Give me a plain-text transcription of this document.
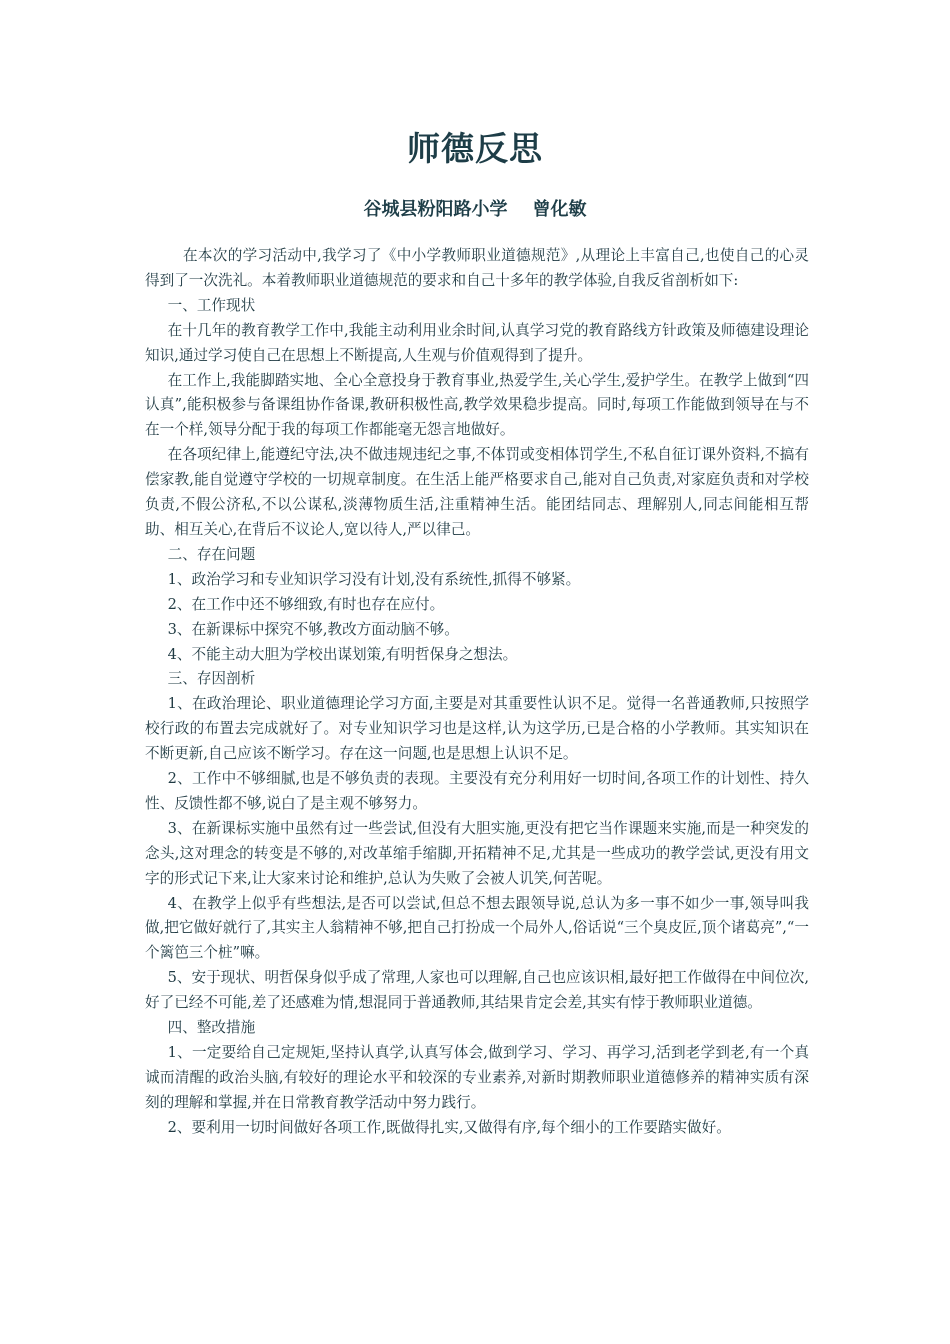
师德反思
谷城县粉阳路小学    曾化敏

在本次的学习活动中,我学习了《中小学教师职业道德规范》,从理论上丰富自己,也使自己的心灵得到了一次洗礼。本着教师职业道德规范的要求和自己十多年的教学体验,自我反省剖析如下:

一、工作现状

在十几年的教育教学工作中,我能主动利用业余时间,认真学习党的教育路线方针政策及师德建设理论知识,通过学习使自己在思想上不断提高,人生观与价值观得到了提升。

在工作上,我能脚踏实地、全心全意投身于教育事业,热爱学生,关心学生,爱护学生。在教学上做到“四认真”,能积极参与备课组协作备课,教研积极性高,教学效果稳步提高。同时,每项工作能做到领导在与不在一个样,领导分配于我的每项工作都能毫无怨言地做好。

在各项纪律上,能遵纪守法,决不做违规违纪之事,不体罚或变相体罚学生,不私自征订课外资料,不搞有偿家教,能自觉遵守学校的一切规章制度。在生活上能严格要求自己,能对自己负责,对家庭负责和对学校负责,不假公济私,不以公谋私,淡薄物质生活,注重精神生活。能团结同志、理解别人,同志间能相互帮助、相互关心,在背后不议论人,宽以待人,严以律己。

二、存在问题

1、政治学习和专业知识学习没有计划,没有系统性,抓得不够紧。

2、在工作中还不够细致,有时也存在应付。

3、在新课标中探究不够,教改方面动脑不够。

4、不能主动大胆为学校出谋划策,有明哲保身之想法。

三、存因剖析

1、在政治理论、职业道德理论学习方面,主要是对其重要性认识不足。觉得一名普通教师,只按照学校行政的布置去完成就好了。对专业知识学习也是这样,认为这学历,已是合格的小学教师。其实知识在不断更新,自己应该不断学习。存在这一问题,也是思想上认识不足。

2、工作中不够细腻,也是不够负责的表现。主要没有充分利用好一切时间,各项工作的计划性、持久性、反馈性都不够,说白了是主观不够努力。

3、在新课标实施中虽然有过一些尝试,但没有大胆实施,更没有把它当作课题来实施,而是一种突发的念头,这对理念的转变是不够的,对改革缩手缩脚,开拓精神不足,尤其是一些成功的教学尝试,更没有用文字的形式记下来,让大家来讨论和维护,总认为失败了会被人讥笑,何苦呢。

4、在教学上似乎有些想法,是否可以尝试,但总不想去跟领导说,总认为多一事不如少一事,领导叫我做,把它做好就行了,其实主人翁精神不够,把自己打扮成一个局外人,俗话说“三个臭皮匠,顶个诸葛亮”,“一个篱笆三个桩”嘛。

5、安于现状、明哲保身似乎成了常理,人家也可以理解,自己也应该识相,最好把工作做得在中间位次,好了已经不可能,差了还感难为情,想混同于普通教师,其结果肯定会差,其实有悖于教师职业道德。

四、整改措施

1、一定要给自己定规矩,坚持认真学,认真写体会,做到学习、学习、再学习,活到老学到老,有一个真诚而清醒的政治头脑,有较好的理论水平和较深的专业素养,对新时期教师职业道德修养的精神实质有深刻的理解和掌握,并在日常教育教学活动中努力践行。

2、要利用一切时间做好各项工作,既做得扎实,又做得有序,每个细小的工作要踏实做好。
